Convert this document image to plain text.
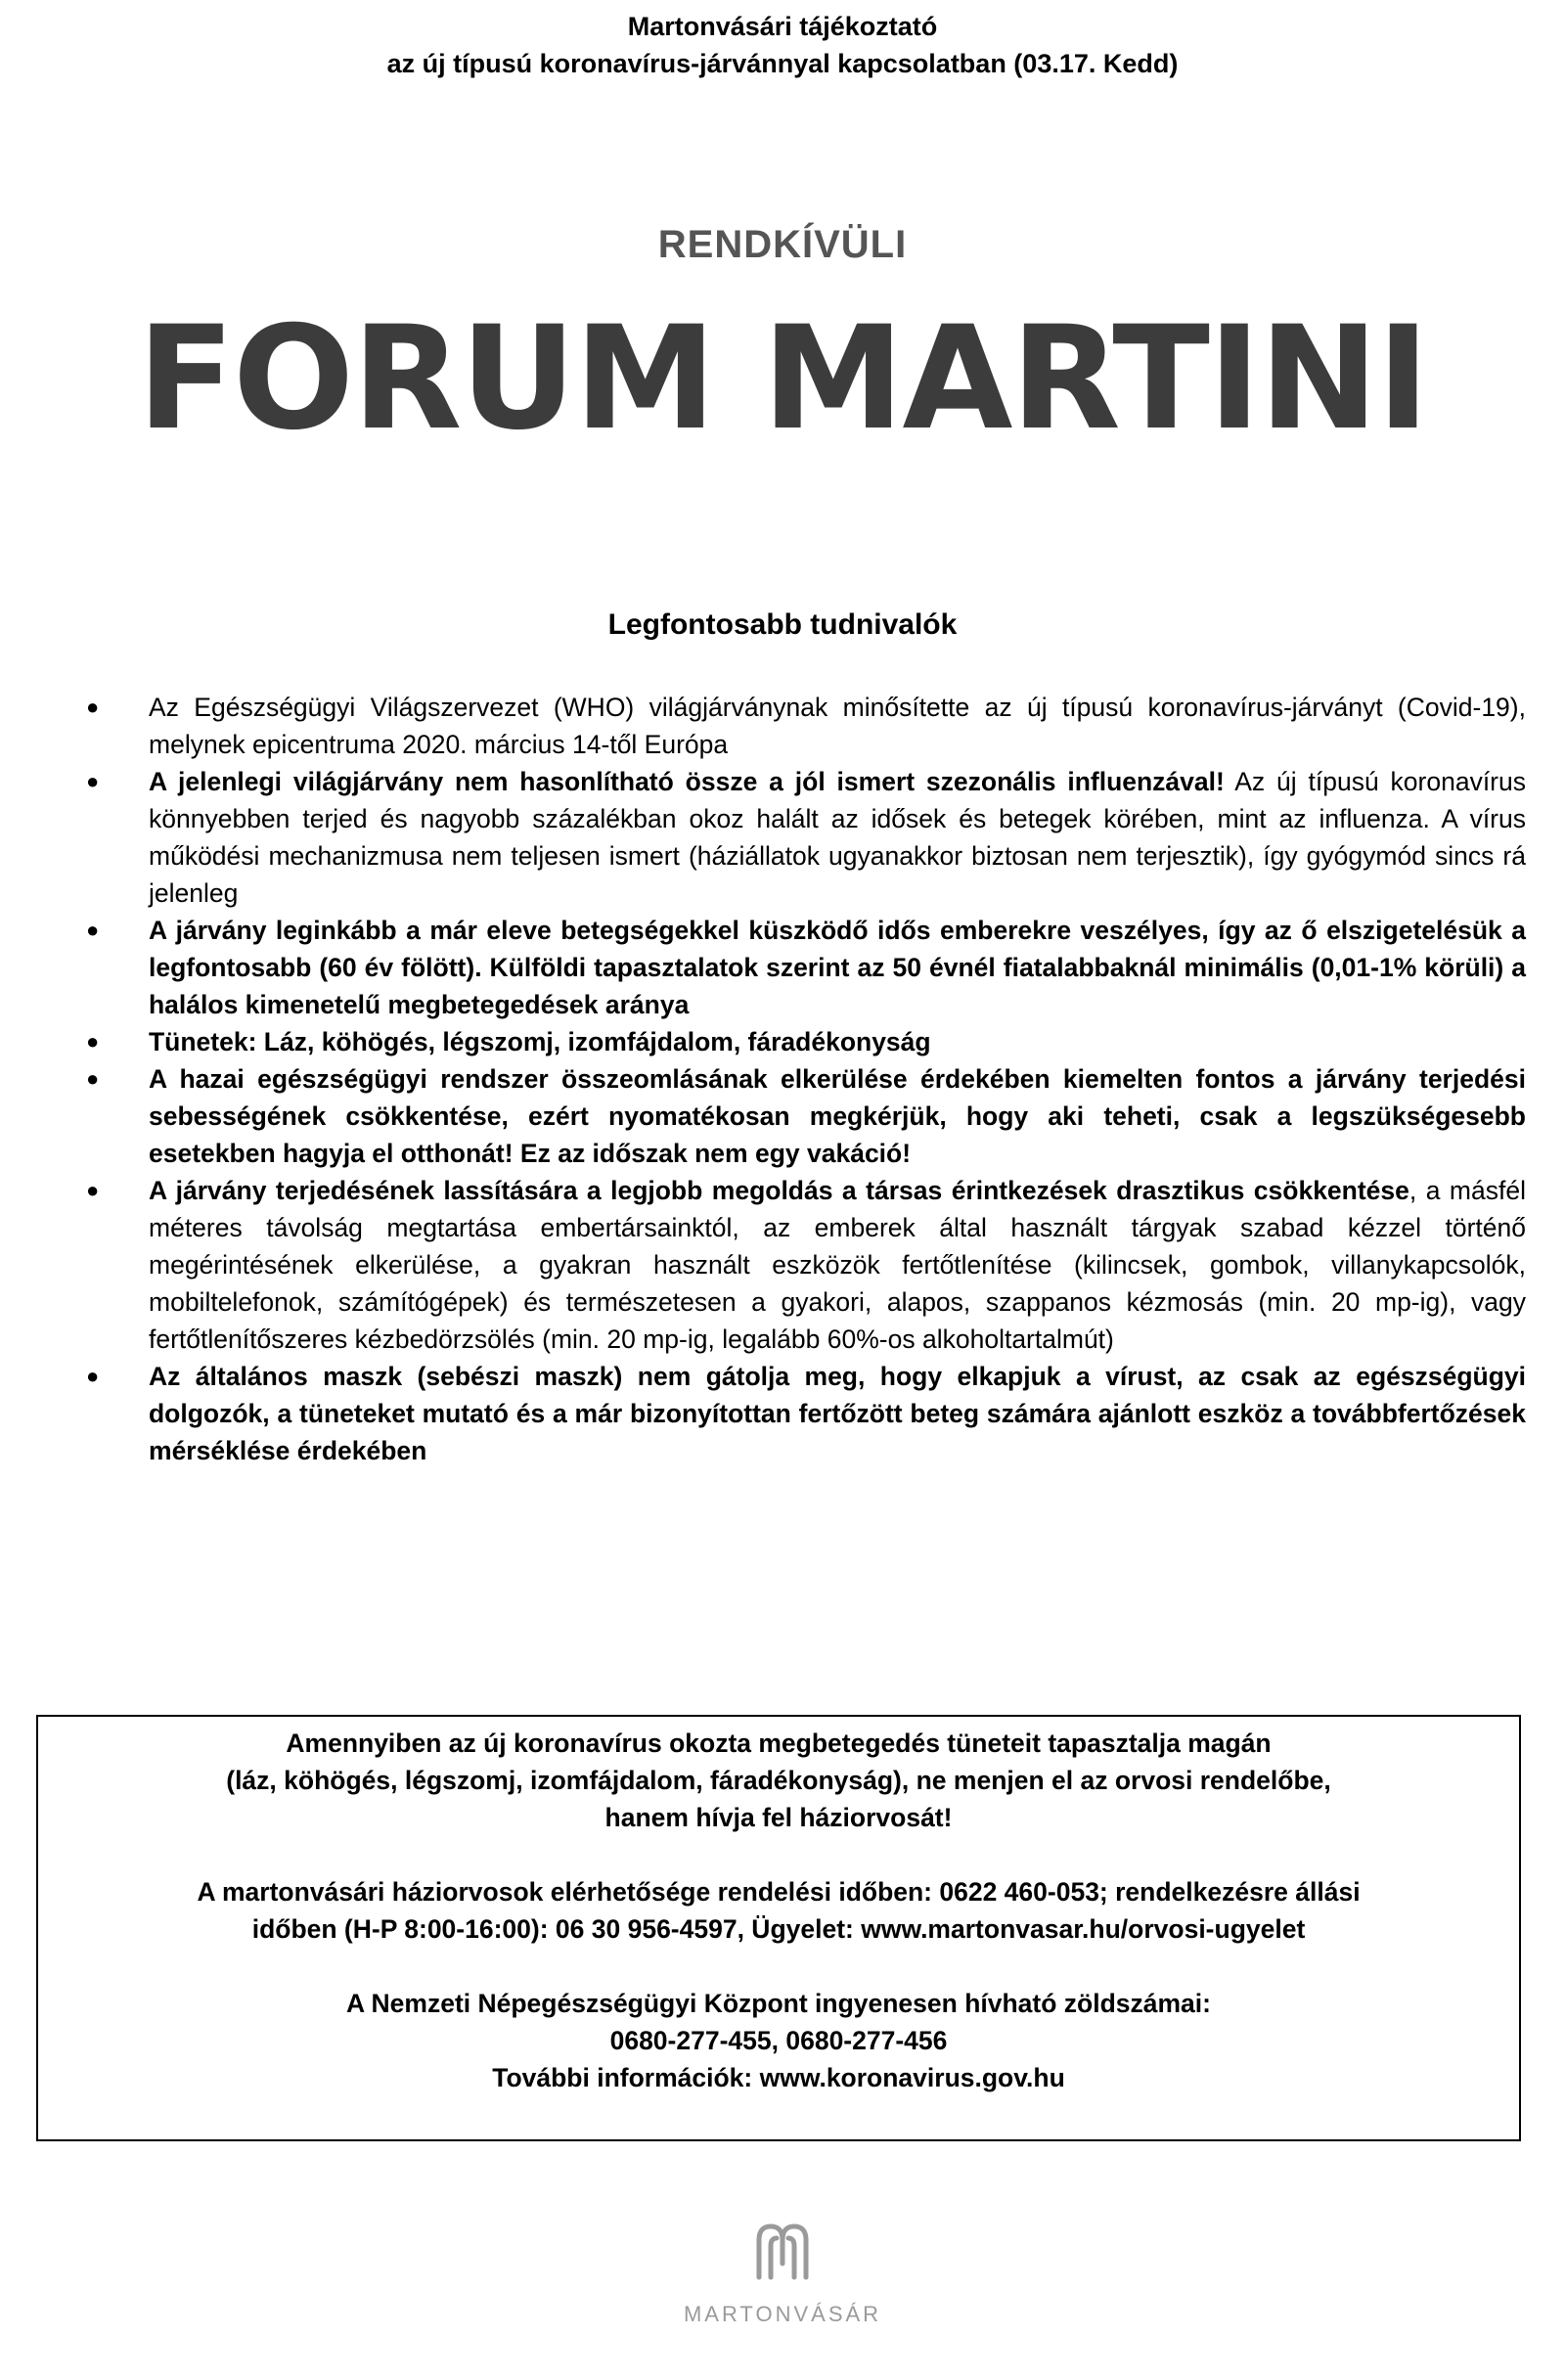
Martonvásári tájékoztató
az új típusú koronavírus-járvánnyal kapcsolatban (03.17. Kedd)
RENDKÍVÜLI
FORUM MARTINI
Legfontosabb tudnivalók
● Az Egészségügyi Világszervezet (WHO) világjárványnak minősítette az új típusú koronavírus-járványt (Covid-19), melynek epicentruma 2020. március 14-től Európa
● A jelenlegi világjárvány nem hasonlítható össze a jól ismert szezonális influenzával! Az új típusú koronavírus könnyebben terjed és nagyobb százalékban okoz halált az idősek és betegek körében, mint az influenza. A vírus működési mechanizmusa nem teljesen ismert (háziállatok ugyanakkor biztosan nem terjesztik), így gyógymód sincs rá jelenleg
● A járvány leginkább a már eleve betegségekkel küszködő idős emberekre veszélyes, így az ő elszigetelésük a legfontosabb (60 év fölött). Külföldi tapasztalatok szerint az 50 évnél fiatalabbaknál minimális (0,01-1% körüli) a halálos kimenetelű megbetegedések aránya
● Tünetek: Láz, köhögés, légszomj, izomfájdalom, fáradékonyság
● A hazai egészségügyi rendszer összeomlásának elkerülése érdekében kiemelten fontos a járvány terjedési sebességének csökkentése, ezért nyomatékosan megkérjük, hogy aki teheti, csak a legszükségesebb esetekben hagyja el otthonát! Ez az időszak nem egy vakáció!
● A járvány terjedésének lassítására a legjobb megoldás a társas érintkezések drasztikus csökkentése, a másfél méteres távolság megtartása embertársainktól, az emberek által használt tárgyak szabad kézzel történő megérintésének elkerülése, a gyakran használt eszközök fertőtlenítése (kilincsek, gombok, villanykapcsolók, mobiltelefonok, számítógépek) és természetesen a gyakori, alapos, szappanos kézmosás (min. 20 mp-ig), vagy fertőtlenítőszeres kézbedörzsölés (min. 20 mp-ig, legalább 60%-os alkoholtartalmút)
● Az általános maszk (sebészi maszk) nem gátolja meg, hogy elkapjuk a vírust, az csak az egészségügyi dolgozók, a tüneteket mutató és a már bizonyítottan fertőzött beteg számára ajánlott eszköz a továbbfertőzések mérséklése érdekében

Amennyiben az új koronavírus okozta megbetegedés tüneteit tapasztalja magán

(láz, köhögés, légszomj, izomfájdalom, fáradékonyság), ne menjen el az orvosi rendelőbe,

hanem hívja fel háziorvosát!

A martonvásári háziorvosok elérhetősége rendelési időben: 0622 460-053; rendelkezésre állási

időben (H-P 8:00-16:00): 06 30 956-4597, Ügyelet: www.martonvasar.hu/orvosi-ugyelet

A Nemzeti Népegészségügyi Központ ingyenesen hívható zöldszámai:

0680-277-455, 0680-277-456

További információk: www.koronavirus.gov.hu

MARTONVÁSÁR
